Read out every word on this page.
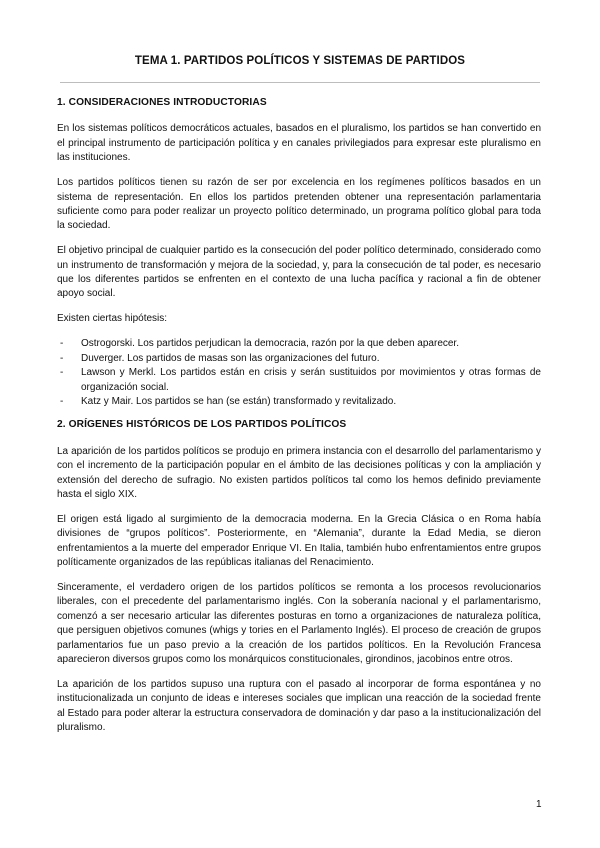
TEMA 1. PARTIDOS POLÍTICOS Y SISTEMAS DE PARTIDOS
1. CONSIDERACIONES INTRODUCTORIAS

En los sistemas políticos democráticos actuales, basados en el pluralismo, los partidos se han convertido en el principal instrumento de participación política y en canales privilegiados para expresar este pluralismo en las instituciones.

Los partidos políticos tienen su razón de ser por excelencia en los regímenes políticos basados en un sistema de representación. En ellos los partidos pretenden obtener una representación parlamentaria suficiente como para poder realizar un proyecto político determinado, un programa político global para toda la sociedad.

El objetivo principal de cualquier partido es la consecución del poder político determinado, considerado como un instrumento de transformación y mejora de la sociedad, y, para la consecución de tal poder, es necesario que los diferentes partidos se enfrenten en el contexto de una lucha pacífica y racional a fin de obtener apoyo social.

Existen ciertas hipótesis:

- Ostrogorski. Los partidos perjudican la democracia, razón por la que deben aparecer.
- Duverger. Los partidos de masas son las organizaciones del futuro.
- Lawson y Merkl. Los partidos están en crisis y serán sustituidos por movimientos y otras formas de organización social.
- Katz y Mair. Los partidos se han (se están) transformado y revitalizado.
2. ORÍGENES HISTÓRICOS DE LOS PARTIDOS POLÍTICOS

La aparición de los partidos políticos se produjo en primera instancia con el desarrollo del parlamentarismo y con el incremento de la participación popular en el ámbito de las decisiones políticas y con la ampliación y extensión del derecho de sufragio. No existen partidos políticos tal como los hemos definido previamente hasta el siglo XIX.

El origen está ligado al surgimiento de la democracia moderna. En la Grecia Clásica o en Roma había divisiones de “grupos políticos”. Posteriormente, en “Alemania”, durante la Edad Media, se dieron enfrentamientos a la muerte del emperador Enrique VI. En Italia, también hubo enfrentamientos entre grupos políticamente organizados de las repúblicas italianas del Renacimiento.

Sinceramente, el verdadero origen de los partidos políticos se remonta a los procesos revolucionarios liberales, con el precedente del parlamentarismo inglés. Con la soberanía nacional y el parlamentarismo, comenzó a ser necesario articular las diferentes posturas en torno a organizaciones de naturaleza política, que persiguen objetivos comunes (whigs y tories en el Parlamento Inglés). El proceso de creación de grupos parlamentarios fue un paso previo a la creación de los partidos políticos. En la Revolución Francesa aparecieron diversos grupos como los monárquicos constitucionales, girondinos, jacobinos entre otros.

La aparición de los partidos supuso una ruptura con el pasado al incorporar de forma espontánea y no institucionalizada un conjunto de ideas e intereses sociales que implican una reacción de la sociedad frente al Estado para poder alterar la estructura conservadora de dominación y dar paso a la institucionalización del pluralismo.

1
